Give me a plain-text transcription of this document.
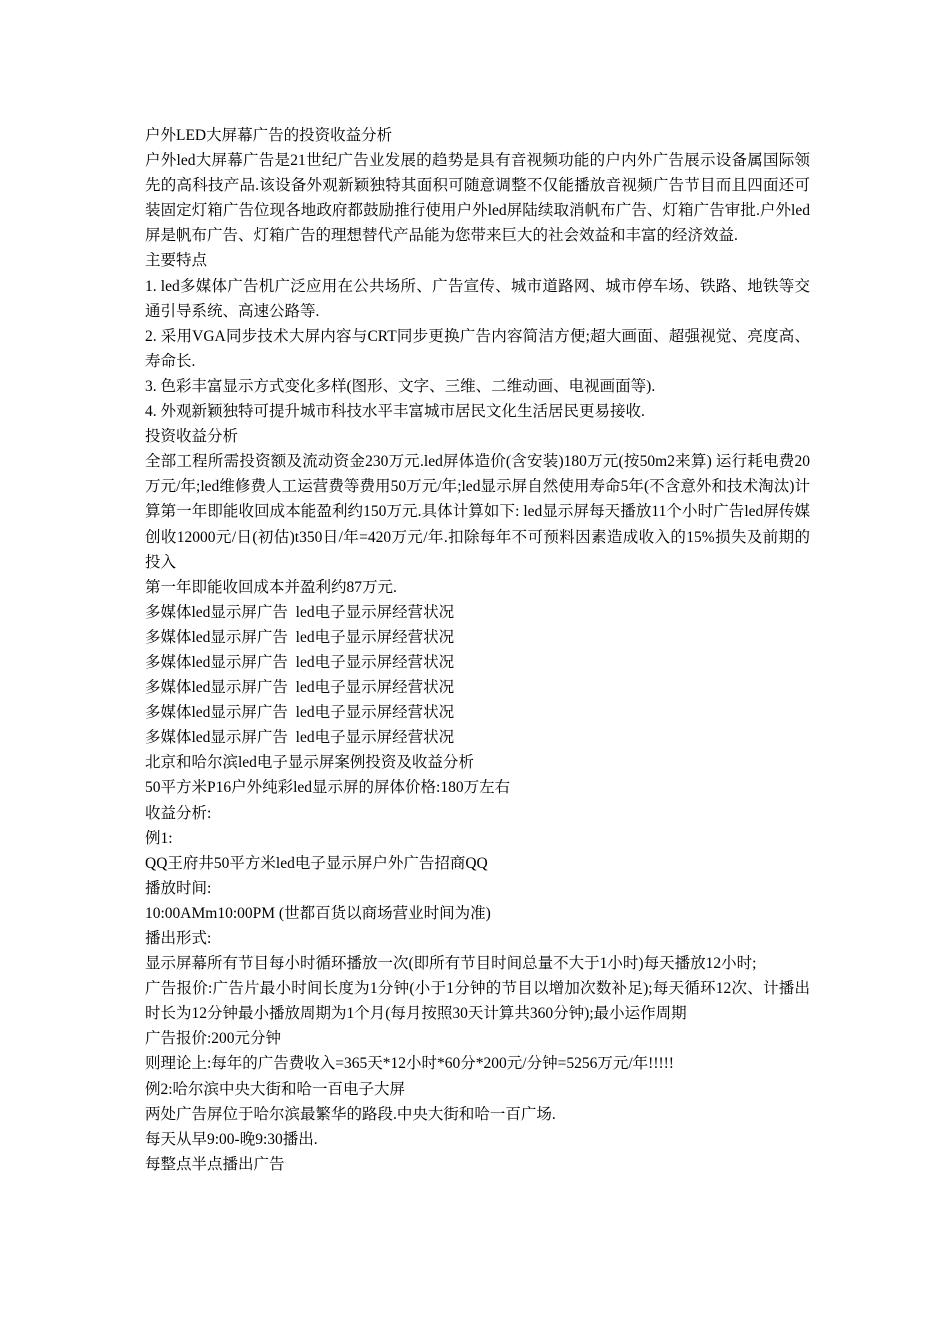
户外LED大屏幕广告的投资收益分析

户外led大屏幕广告是21世纪广告业发展的趋势是具有音视频功能的户内外广告展示设备属国际领先的高科技产品.该设备外观新颖独特其面积可随意调整不仅能播放音视频广告节目而且四面还可装固定灯箱广告位现各地政府都鼓励推行使用户外led屏陆续取消帆布广告、灯箱广告审批.户外led屏是帆布广告、灯箱广告的理想替代产品能为您带来巨大的社会效益和丰富的经济效益.

主要特点

1. led多媒体广告机广泛应用在公共场所、广告宣传、城市道路网、城市停车场、铁路、地铁等交通引导系统、高速公路等.

2. 采用VGA同步技术大屏内容与CRT同步更换广告内容简洁方便;超大画面、超强视觉、亮度高、寿命长.

3. 色彩丰富显示方式变化多样(图形、文字、三维、二维动画、电视画面等).

4. 外观新颖独特可提升城市科技水平丰富城市居民文化生活居民更易接收.

投资收益分析

全部工程所需投资额及流动资金230万元.led屏体造价(含安装)180万元(按50m2来算) 运行耗电费20万元/年;led维修费人工运营费等费用50万元/年;led显示屏自然使用寿命5年(不含意外和技术淘汰)计算第一年即能收回成本能盈利约150万元.具体计算如下: led显示屏每天播放11个小时广告led屏传媒创收12000元/日(初估)t350日/年=420万元/年.扣除每年不可预料因素造成收入的15%损失及前期的投入

第一年即能收回成本并盈利约87万元.

多媒体led显示屏广告  led电子显示屏经营状况

多媒体led显示屏广告  led电子显示屏经营状况

多媒体led显示屏广告  led电子显示屏经营状况

多媒体led显示屏广告  led电子显示屏经营状况

多媒体led显示屏广告  led电子显示屏经营状况

多媒体led显示屏广告  led电子显示屏经营状况

北京和哈尔滨led电子显示屏案例投资及收益分析

50平方米P16户外纯彩led显示屏的屏体价格:180万左右

收益分析:

例1:

QQ王府井50平方米led电子显示屏户外广告招商QQ

播放时间:

10:00AMm10:00PM (世都百货以商场营业时间为准)

播出形式:

显示屏幕所有节目每小时循环播放一次(即所有节目时间总量不大于1小时)每天播放12小时;

广告报价:广告片最小时间长度为1分钟(小于1分钟的节目以增加次数补足);每天循环12次、计播出时长为12分钟最小播放周期为1个月(每月按照30天计算共360分钟);最小运作周期

广告报价:200元分钟

则理论上:每年的广告费收入=365天*12小时*60分*200元/分钟=5256万元/年!!!!!

例2:哈尔滨中央大街和哈一百电子大屏

两处广告屏位于哈尔滨最繁华的路段.中央大街和哈一百广场.

每天从早9:00-晚9:30播出.

每整点半点播出广告
